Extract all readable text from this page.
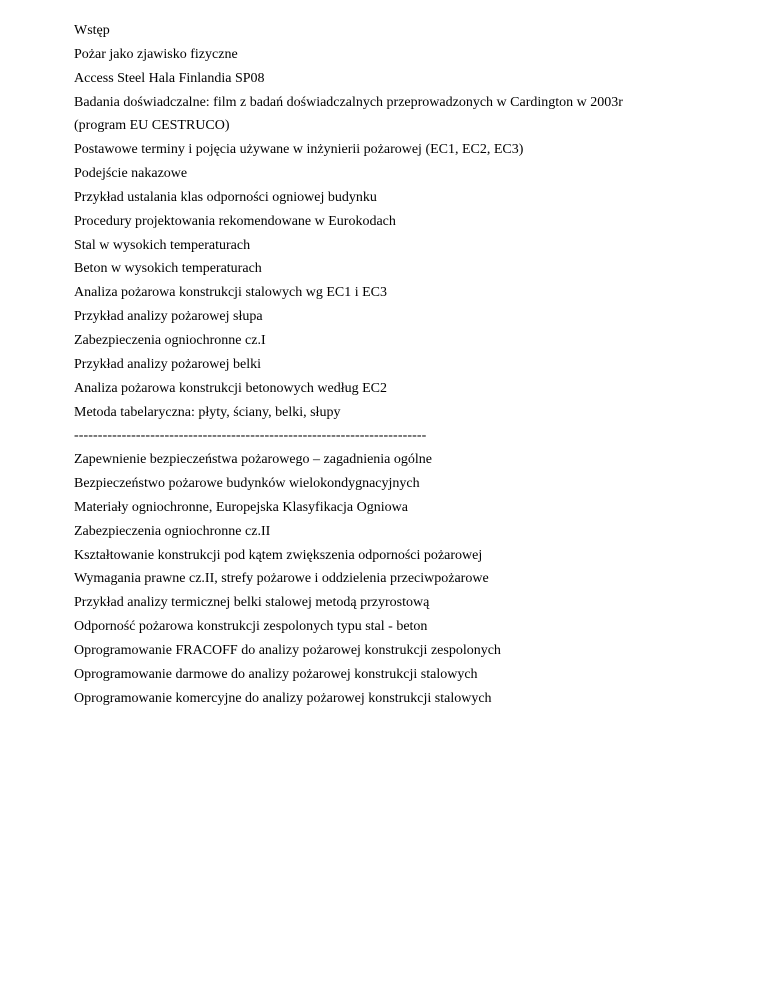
Wstęp
Pożar jako zjawisko fizyczne
Access Steel Hala Finlandia SP08
Badania doświadczalne: film z badań doświadczalnych przeprowadzonych w Cardington w 2003r
(program EU CESTRUCO)
Postawowe terminy i pojęcia używane w inżynierii pożarowej (EC1, EC2, EC3)
Podejście nakazowe
Przykład ustalania klas odporności ogniowej budynku
Procedury projektowania rekomendowane w Eurokodach
Stal w wysokich temperaturach
Beton w wysokich temperaturach
Analiza pożarowa konstrukcji stalowych wg EC1 i EC3
Przykład analizy pożarowej słupa
Zabezpieczenia ogniochronne cz.I
Przykład analizy pożarowej belki
Analiza pożarowa konstrukcji betonowych według EC2
Metoda tabelaryczna: płyty, ściany, belki, słupy
--------------------------------------------------------------------------
Zapewnienie bezpieczeństwa pożarowego – zagadnienia ogólne
Bezpieczeństwo pożarowe budynków wielokondygnacyjnych
Materiały ogniochronne, Europejska Klasyfikacja Ogniowa
Zabezpieczenia ogniochronne cz.II
Kształtowanie konstrukcji pod kątem zwiększenia odporności pożarowej
Wymagania prawne cz.II, strefy pożarowe i oddzielenia przeciwpożarowe
Przykład analizy termicznej belki stalowej metodą przyrostową
Odporność pożarowa konstrukcji zespolonych typu stal - beton
Oprogramowanie FRACOFF do analizy pożarowej konstrukcji zespolonych
Oprogramowanie darmowe do analizy pożarowej konstrukcji stalowych
Oprogramowanie komercyjne do analizy pożarowej konstrukcji stalowych
